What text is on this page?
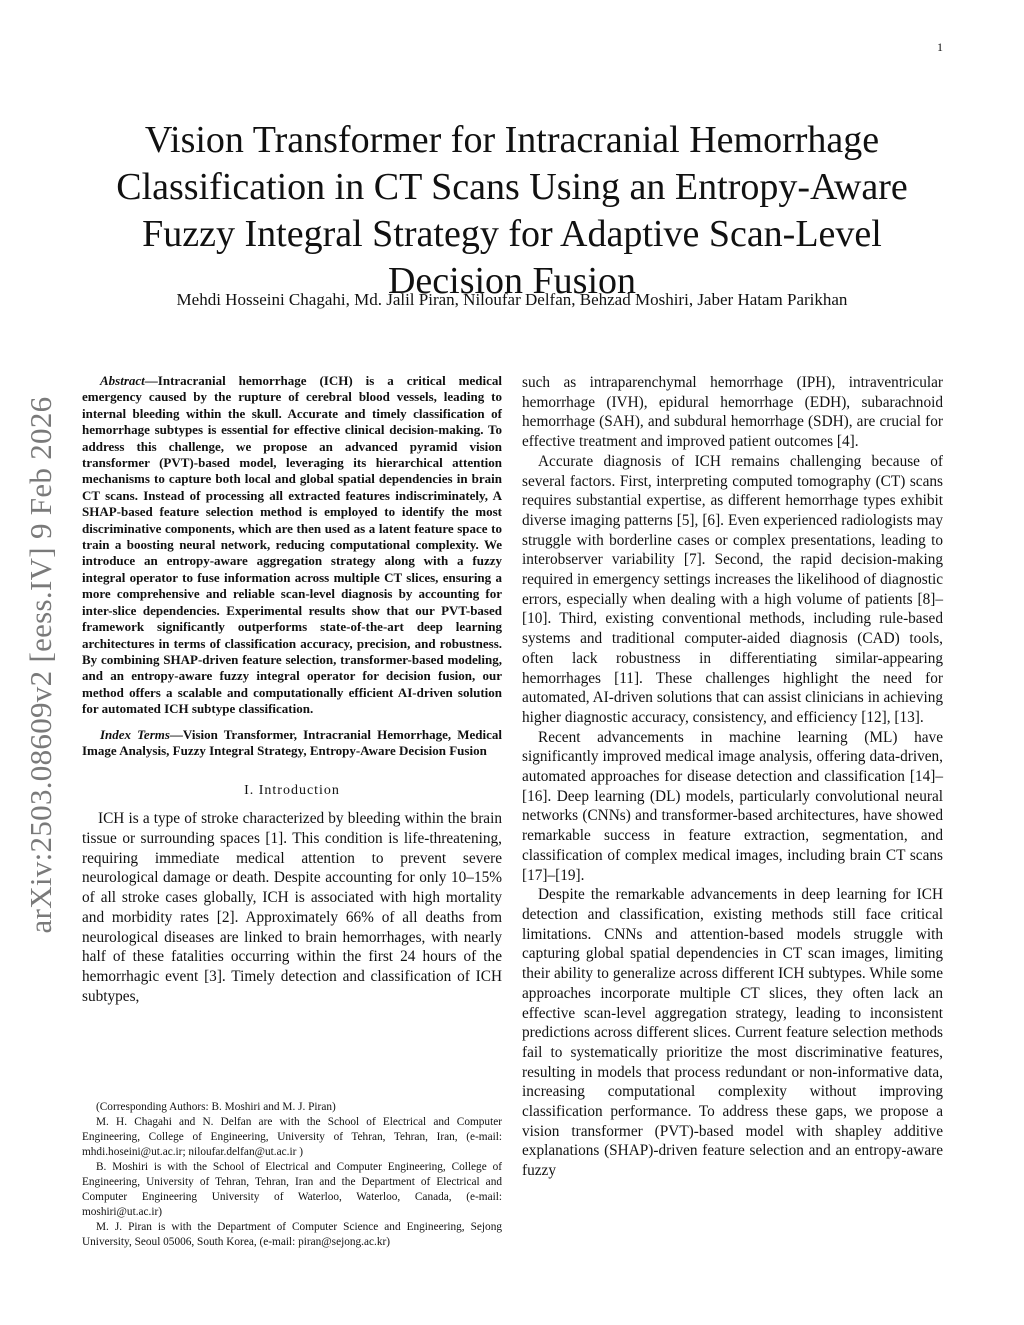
1
Vision Transformer for Intracranial Hemorrhage
Classification in CT Scans Using an Entropy-Aware
Fuzzy Integral Strategy for Adaptive Scan-Level
Decision Fusion
Mehdi Hosseini Chagahi, Md. Jalil Piran, Niloufar Delfan, Behzad Moshiri, Jaber Hatam Parikhan
arXiv:2503.08609v2 [eess.IV] 9 Feb 2026

Abstract—Intracranial hemorrhage (ICH) is a critical medical emergency caused by the rupture of cerebral blood vessels, leading to internal bleeding within the skull. Accurate and timely classification of hemorrhage subtypes is essential for effective clinical decision-making. To address this challenge, we propose an advanced pyramid vision transformer (PVT)-based model, leveraging its hierarchical attention mechanisms to capture both local and global spatial dependencies in brain CT scans. Instead of processing all extracted features indiscriminately, A SHAP-based feature selection method is employed to identify the most discriminative components, which are then used as a latent feature space to train a boosting neural network, reducing computational complexity. We introduce an entropy-aware aggregation strategy along with a fuzzy integral operator to fuse information across multiple CT slices, ensuring a more comprehensive and reliable scan-level diagnosis by accounting for inter-slice dependencies. Experimental results show that our PVT-based framework significantly outperforms state-of-the-art deep learning architectures in terms of classification accuracy, precision, and robustness. By combining SHAP-driven feature selection, transformer-based modeling, and an entropy-aware fuzzy integral operator for decision fusion, our method offers a scalable and computationally efficient AI-driven solution for automated ICH subtype classification.

Index Terms—Vision Transformer, Intracranial Hemorrhage, Medical Image Analysis, Fuzzy Integral Strategy, Entropy-Aware Decision Fusion

I. Introduction

ICH is a type of stroke characterized by bleeding within the brain tissue or surrounding spaces [1]. This condition is life-threatening, requiring immediate medical attention to prevent severe neurological damage or death. Despite accounting for only 10–15% of all stroke cases globally, ICH is associated with high mortality and morbidity rates [2]. Approximately 66% of all deaths from neurological diseases are linked to brain hemorrhages, with nearly half of these fatalities occurring within the first 24 hours of the hemorrhagic event [3]. Timely detection and classification of ICH subtypes,

(Corresponding Authors: B. Moshiri and M. J. Piran)

M. H. Chagahi and N. Delfan are with the School of Electrical and Computer Engineering, College of Engineering, University of Tehran, Tehran, Iran, (e-mail: mhdi.hoseini@ut.ac.ir; niloufar.delfan@ut.ac.ir )

B. Moshiri is with the School of Electrical and Computer Engineering, College of Engineering, University of Tehran, Tehran, Iran and the Department of Electrical and Computer Engineering University of Waterloo, Waterloo, Canada, (e-mail: moshiri@ut.ac.ir)

M. J. Piran is with the Department of Computer Science and Engineering, Sejong University, Seoul 05006, South Korea, (e-mail: piran@sejong.ac.kr)

such as intraparenchymal hemorrhage (IPH), intraventricular hemorrhage (IVH), epidural hemorrhage (EDH), subarachnoid hemorrhage (SAH), and subdural hemorrhage (SDH), are crucial for effective treatment and improved patient outcomes [4].

Accurate diagnosis of ICH remains challenging because of several factors. First, interpreting computed tomography (CT) scans requires substantial expertise, as different hemorrhage types exhibit diverse imaging patterns [5], [6]. Even experienced radiologists may struggle with borderline cases or complex presentations, leading to interobserver variability [7]. Second, the rapid decision-making required in emergency settings increases the likelihood of diagnostic errors, especially when dealing with a high volume of patients [8]–[10]. Third, existing conventional methods, including rule-based systems and traditional computer-aided diagnosis (CAD) tools, often lack robustness in differentiating similar-appearing hemorrhages [11]. These challenges highlight the need for automated, AI-driven solutions that can assist clinicians in achieving higher diagnostic accuracy, consistency, and efficiency [12], [13].

Recent advancements in machine learning (ML) have significantly improved medical image analysis, offering data-driven, automated approaches for disease detection and classification [14]–[16]. Deep learning (DL) models, particularly convolutional neural networks (CNNs) and transformer-based architectures, have showed remarkable success in feature extraction, segmentation, and classification of complex medical images, including brain CT scans [17]–[19].

Despite the remarkable advancements in deep learning for ICH detection and classification, existing methods still face critical limitations. CNNs and attention-based models struggle with capturing global spatial dependencies in CT scan images, limiting their ability to generalize across different ICH subtypes. While some approaches incorporate multiple CT slices, they often lack an effective scan-level aggregation strategy, leading to inconsistent predictions across different slices. Current feature selection methods fail to systematically prioritize the most discriminative features, resulting in models that process redundant or non-informative data, increasing computational complexity without improving classification performance. To address these gaps, we propose a vision transformer (PVT)-based model with shapley additive explanations (SHAP)-driven feature selection and an entropy-aware fuzzy
